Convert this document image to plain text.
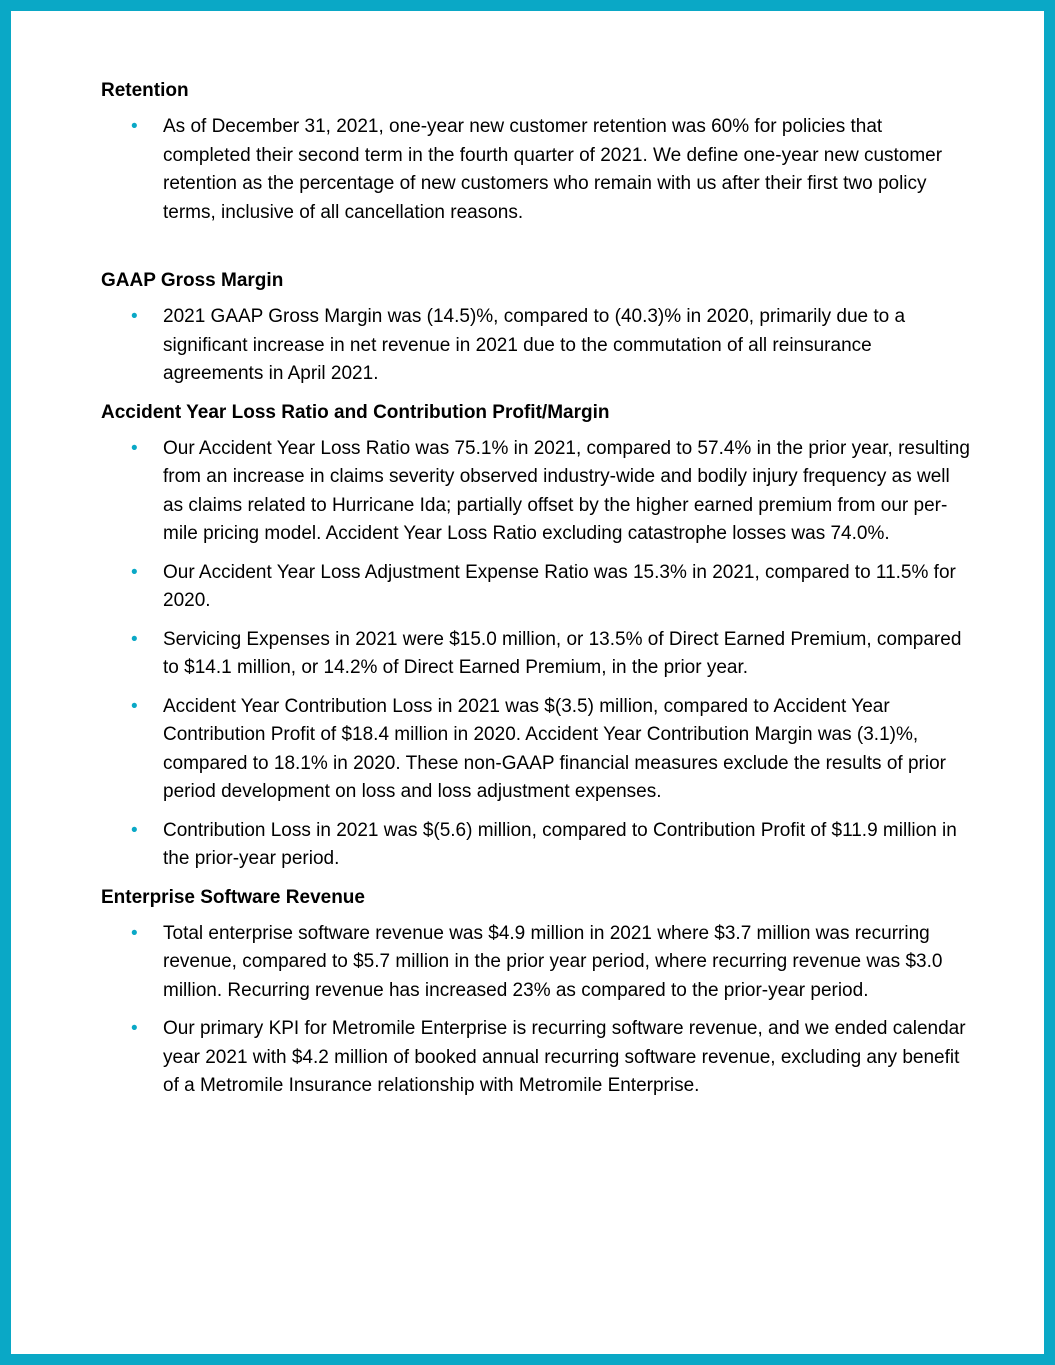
Retention
• As of December 31, 2021, one-year new customer retention was 60% for policies that completed their second term in the fourth quarter of 2021. We define one-year new customer retention as the percentage of new customers who remain with us after their first two policy terms, inclusive of all cancellation reasons.
GAAP Gross Margin
• 2021 GAAP Gross Margin was (14.5)%, compared to (40.3)% in 2020, primarily due to a significant increase in net revenue in 2021 due to the commutation of all reinsurance agreements in April 2021.
Accident Year Loss Ratio and Contribution Profit/Margin
• Our Accident Year Loss Ratio was 75.1% in 2021, compared to 57.4% in the prior year, resulting from an increase in claims severity observed industry-wide and bodily injury frequency as well as claims related to Hurricane Ida; partially offset by the higher earned premium from our per-mile pricing model. Accident Year Loss Ratio excluding catastrophe losses was 74.0%.
• Our Accident Year Loss Adjustment Expense Ratio was 15.3% in 2021, compared to 11.5% for 2020.
• Servicing Expenses in 2021 were $15.0 million, or 13.5% of Direct Earned Premium, compared to $14.1 million, or 14.2% of Direct Earned Premium, in the prior year.
• Accident Year Contribution Loss in 2021 was $(3.5) million, compared to Accident Year Contribution Profit of $18.4 million in 2020. Accident Year Contribution Margin was (3.1)%, compared to 18.1% in 2020. These non-GAAP financial measures exclude the results of prior period development on loss and loss adjustment expenses.
• Contribution Loss in 2021 was $(5.6) million, compared to Contribution Profit of $11.9 million in the prior-year period.
Enterprise Software Revenue
• Total enterprise software revenue was $4.9 million in 2021 where $3.7 million was recurring revenue, compared to $5.7 million in the prior year period, where recurring revenue was $3.0 million. Recurring revenue has increased 23% as compared to the prior-year period.
• Our primary KPI for Metromile Enterprise is recurring software revenue, and we ended calendar year 2021 with $4.2 million of booked annual recurring software revenue, excluding any benefit of a Metromile Insurance relationship with Metromile Enterprise.
